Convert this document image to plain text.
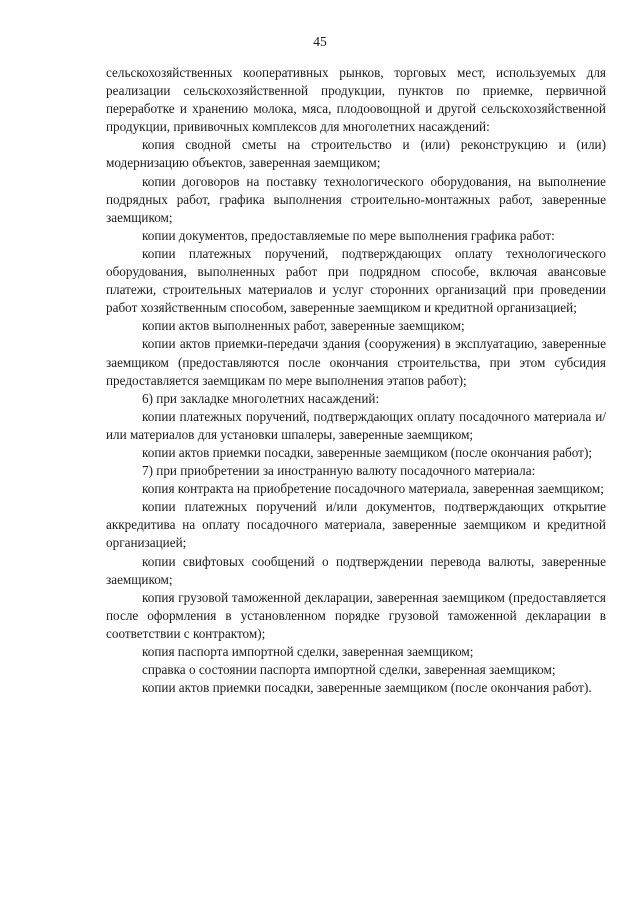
45

сельскохозяйственных кооперативных рынков, торговых мест, используемых для реализации сельскохозяйственной продукции, пунктов по приемке, первичной переработке и хранению молока, мяса, плодоовощной и другой сельскохозяйственной продукции, прививочных комплексов для многолетних насаждений:

копия сводной сметы на строительство и (или) реконструкцию и (или) модернизацию объектов, заверенная заемщиком;

копии договоров на поставку технологического оборудования, на выполнение подрядных работ, графика выполнения строительно-монтажных работ, заверенные заемщиком;

копии документов, предоставляемые по мере выполнения графика работ:

копии платежных поручений, подтверждающих оплату технологического оборудования, выполненных работ при подрядном способе, включая авансовые платежи, строительных материалов и услуг сторонних организаций при проведении работ хозяйственным способом, заверенные заемщиком и кредитной организацией;

копии актов выполненных работ, заверенные заемщиком;

копии актов приемки-передачи здания (сооружения) в эксплуатацию, заверенные заемщиком (предоставляются после окончания строительства, при этом субсидия предоставляется заемщикам по мере выполнения этапов работ);

6) при закладке многолетних насаждений:

копии платежных поручений, подтверждающих оплату посадочного материала и/или материалов для установки шпалеры, заверенные заемщиком;

копии актов приемки посадки, заверенные заемщиком (после окончания работ);

7) при приобретении за иностранную валюту посадочного материала:

копия контракта на приобретение посадочного материала, заверенная заемщиком;

копии платежных поручений и/или документов, подтверждающих открытие аккредитива на оплату посадочного материала, заверенные заемщиком и кредитной организацией;

копии свифтовых сообщений о подтверждении перевода валюты, заверенные заемщиком;

копия грузовой таможенной декларации, заверенная заемщиком (предоставляется после оформления в установленном порядке грузовой таможенной декларации в соответствии с контрактом);

копия паспорта импортной сделки, заверенная заемщиком;

справка о состоянии паспорта импортной сделки, заверенная заемщиком;

копии актов приемки посадки, заверенные заемщиком (после окончания работ).
